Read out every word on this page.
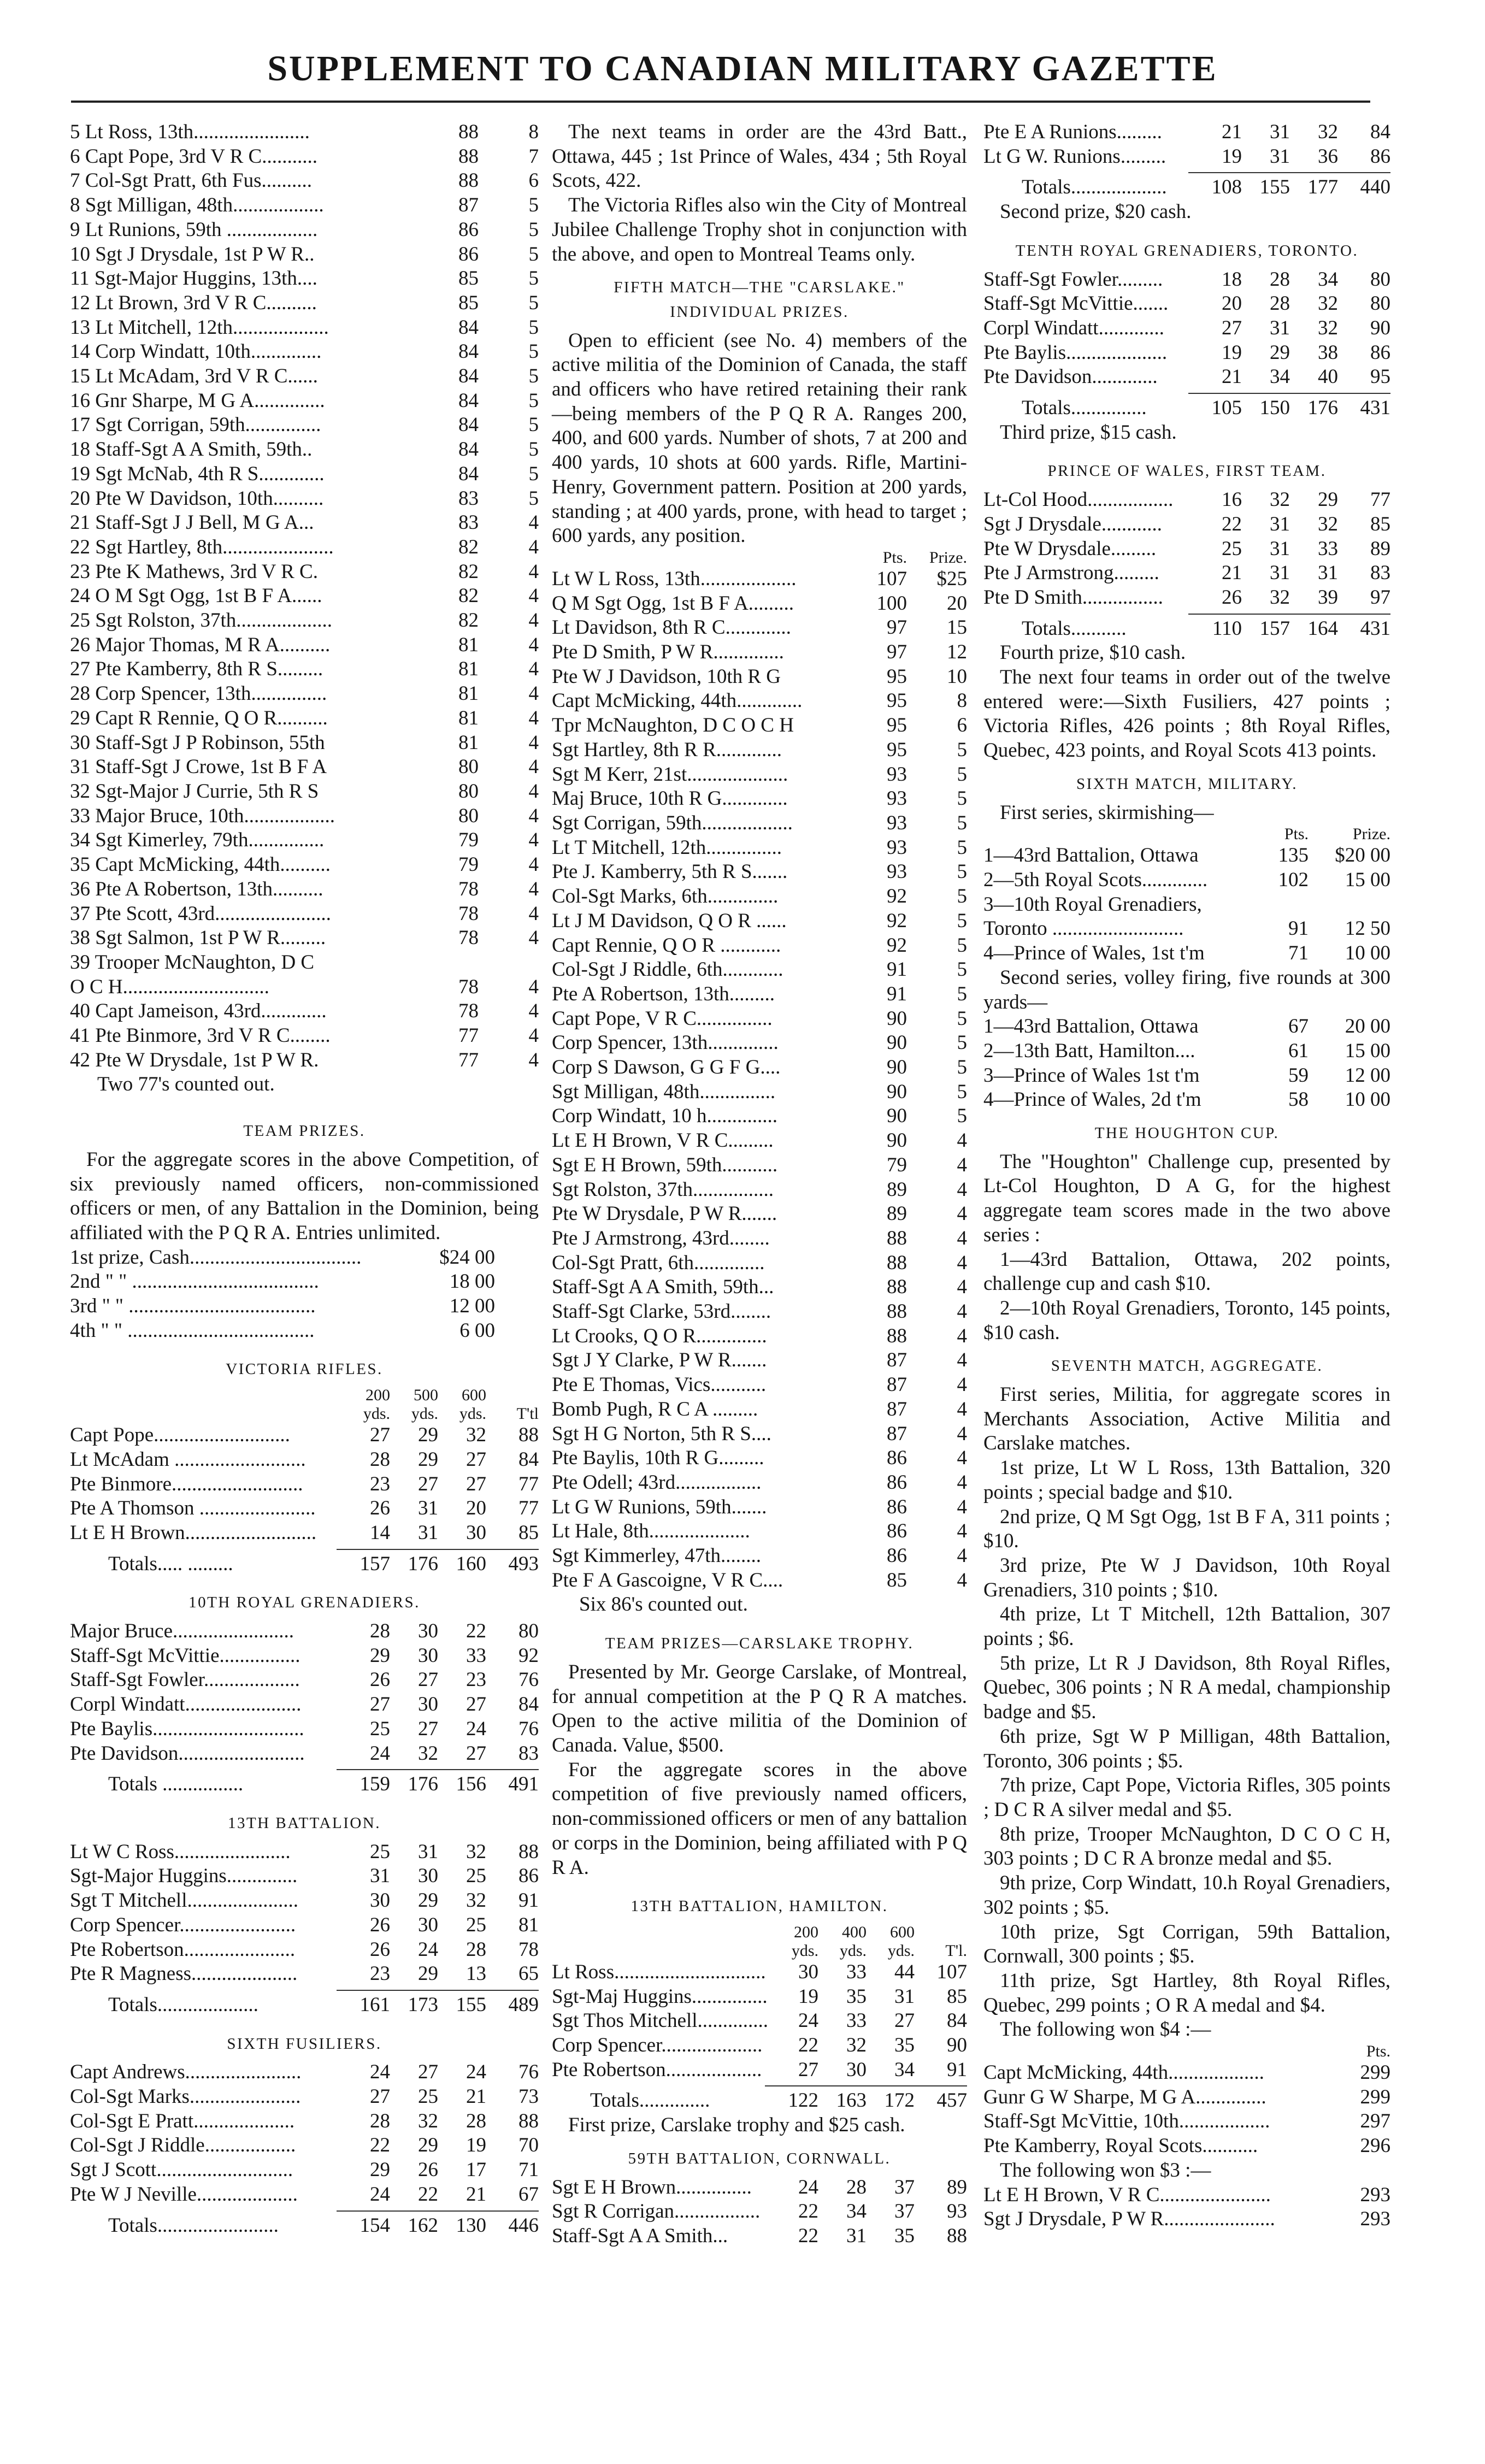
SUPPLEMENT TO CANADIAN MILITARY GAZETTE
5 Lt Ross, 13th.......................	88	8
6 Capt Pope, 3rd V R C...........	88	7
7 Col-Sgt Pratt, 6th Fus..........	88	6
8 Sgt Milligan, 48th..................	87	5
9 Lt Runions, 59th ..................	86	5
10 Sgt J Drysdale, 1st P W R..	86	5
11 Sgt-Major Huggins, 13th....	85	5
12 Lt Brown, 3rd V R C..........	85	5
13 Lt Mitchell, 12th...................	84	5
14 Corp Windatt, 10th..............	84	5
15 Lt McAdam, 3rd V R C......	84	5
16 Gnr Sharpe, M G A..............	84	5
17 Sgt Corrigan, 59th...............	84	5
18 Staff-Sgt A A Smith, 59th..	84	5
19 Sgt McNab, 4th R S.............	84	5
20 Pte W Davidson, 10th..........	83	5
21 Staff-Sgt J J Bell, M G A...	83	4
22 Sgt Hartley, 8th......................	82	4
23 Pte K Mathews, 3rd V R C.	82	4
24 O M Sgt Ogg, 1st B F A......	82	4
25 Sgt Rolston, 37th...................	82	4
26 Major Thomas, M R A..........	81	4
27 Pte Kamberry, 8th R S.........	81	4
28 Corp Spencer, 13th...............	81	4
29 Capt R Rennie, Q O R..........	81	4
30 Staff-Sgt J P Robinson, 55th	81	4
31 Staff-Sgt J Crowe, 1st B F A	80	4
32 Sgt-Major J Currie, 5th R S	80	4
33 Major Bruce, 10th..................	80	4
34 Sgt Kimerley, 79th...............	79	4
35 Capt McMicking, 44th..........	79	4
36 Pte A Robertson, 13th..........	78	4
37 Pte Scott, 43rd.......................	78	4
38 Sgt Salmon, 1st P W R.........	78	4
39 Trooper McNaughton, D C
O C H.............................	78	4
40 Capt Jameison, 43rd.............	78	4
41 Pte Binmore, 3rd V R C........	77	4
42 Pte W Drysdale, 1st P W R.	77	4
Two 77's counted out.
TEAM PRIZES.
For the aggregate scores in the above Competition, of six previously named officers, non-commissioned officers or men, of any Battalion in the Dominion, being affiliated with the P Q R A. Entries unlimited.
1st prize, Cash..................................	$24 00
2nd " " .....................................	18 00
3rd " " .....................................	12 00
4th " " .....................................	6 00
VICTORIA RIFLES.
200	500	600
yds.	yds.	yds.	T'tl
Capt Pope...........................	27	29	32	88
Lt McAdam ..........................	28	29	27	84
Pte Binmore..........................	23	27	27	77
Pte A Thomson .......................	26	31	20	77
Lt E H Brown..........................	14	31	30	85
Totals..... .........	157 176 160	493
10TH ROYAL GRENADIERS.
Major Bruce........................	28	30	22	80
Staff-Sgt McVittie................	29	30	33	92
Staff-Sgt Fowler...................	26	27	23	76
Corpl Windatt.......................	27	30	27	84
Pte Baylis..............................	25	27	24	76
Pte Davidson.........................	24	32	27	83
Totals ................	159 176 156	491
13TH BATTALION.
Lt W C Ross.......................	25	31	32	88
Sgt-Major Huggins..............	31	30	25	86
Sgt T Mitchell......................	30	29	32	91
Corp Spencer.......................	26	30	25	81
Pte Robertson......................	26	24	28	78
Pte R Magness.....................	23	29	13	65
Totals....................	161 173 155	489
SIXTH FUSILIERS.
Capt Andrews.......................	24	27	24	76
Col-Sgt Marks......................	27	25	21	73
Col-Sgt E Pratt....................	28	32	28	88
Col-Sgt J Riddle..................	22	29	19	70
Sgt J Scott...........................	29	26	17	71
Pte W J Neville....................	24	22	21	67
Totals........................	154 162 130	446
The next teams in order are the 43rd Batt., Ottawa, 445 ; 1st Prince of Wales, 434 ; 5th Royal Scots, 422.
The Victoria Rifles also win the City of Montreal Jubilee Challenge Trophy shot in conjunction with the above, and open to Montreal Teams only.
FIFTH MATCH—THE "CARSLAKE."
INDIVIDUAL PRIZES.
Open to efficient (see No. 4) members of the active militia of the Dominion of Canada, the staff and officers who have retired retaining their rank—being members of the P Q R A. Ranges 200, 400, and 600 yards. Number of shots, 7 at 200 and 400 yards, 10 shots at 600 yards. Rifle, Martini-Henry, Government pattern. Position at 200 yards, standing ; at 400 yards, prone, with head to target ; 600 yards, any position.
Pts.	Prize.
Lt W L Ross, 13th...................	107	$25
Q M Sgt Ogg, 1st B F A.........	100	20
Lt Davidson, 8th R C.............	97	15
Pte D Smith, P W R..............	97	12
Pte W J Davidson, 10th R G	95	10
Capt McMicking, 44th.............	95	8
Tpr McNaughton, D C O C H	95	6
Sgt Hartley, 8th R R.............	95	5
Sgt M Kerr, 21st....................	93	5
Maj Bruce, 10th R G.............	93	5
Sgt Corrigan, 59th..................	93	5
Lt T Mitchell, 12th...............	93	5
Pte J. Kamberry, 5th R S.......	93	5
Col-Sgt Marks, 6th..............	92	5
Lt J M Davidson, Q O R ......	92	5
Capt Rennie, Q O R ............	92	5
Col-Sgt J Riddle, 6th............	91	5
Pte A Robertson, 13th.........	91	5
Capt Pope, V R C...............	90	5
Corp Spencer, 13th..............	90	5
Corp S Dawson, G G F G....	90	5
Sgt Milligan, 48th...............	90	5
Corp Windatt, 10 h..............	90	5
Lt E H Brown, V R C.........	90	4
Sgt E H Brown, 59th...........	79	4
Sgt Rolston, 37th................	89	4
Pte W Drysdale, P W R.......	89	4
Pte J Armstrong, 43rd........	88	4
Col-Sgt Pratt, 6th..............	88	4
Staff-Sgt A A Smith, 59th...	88	4
Staff-Sgt Clarke, 53rd........	88	4
Lt Crooks, Q O R..............	88	4
Sgt J Y Clarke, P W R.......	87	4
Pte E Thomas, Vics...........	87	4
Bomb Pugh, R C A .........	87	4
Sgt H G Norton, 5th R S....	87	4
Pte Baylis, 10th R G.........	86	4
Pte Odell; 43rd.................	86	4
Lt G W Runions, 59th.......	86	4
Lt Hale, 8th....................	86	4
Sgt Kimmerley, 47th........	86	4
Pte F A Gascoigne, V R C....	85	4
Six 86's counted out.
TEAM PRIZES—CARSLAKE TROPHY.
Presented by Mr. George Carslake, of Montreal, for annual competition at the P Q R A matches. Open to the active militia of the Dominion of Canada. Value, $500.
For the aggregate scores in the above competition of five previously named officers, non-commissioned officers or men of any battalion or corps in the Dominion, being affiliated with P Q R A.
13TH BATTALION, HAMILTON.
200	400	600
yds.	yds.	yds.	T'l.
Lt Ross..............................	30	33	44	107
Sgt-Maj Huggins...............	19	35	31	85
Sgt Thos Mitchell..............	24	33	27	84
Corp Spencer....................	22	32	35	90
Pte Robertson...................	27	30	34	91
Totals..............	122 163 172	457
First prize, Carslake trophy and $25 cash.
59TH BATTALION, CORNWALL.
Sgt E H Brown...............	24	28	37	89
Sgt R Corrigan.................	22	34	37	93
Staff-Sgt A A Smith...	22	31	35	88
Pte E A Runions.........	21	31	32	84
Lt G W. Runions.........	19	31	36	86
Totals...................	108 155 177	440
Second prize, $20 cash.
TENTH ROYAL GRENADIERS, TORONTO.
Staff-Sgt Fowler.........	18	28	34	80
Staff-Sgt McVittie.......	20	28	32	80
Corpl Windatt.............	27	31	32	90
Pte Baylis....................	19	29	38	86
Pte Davidson.............	21	34	40	95
Totals...............	105 150 176	431
Third prize, $15 cash.
PRINCE OF WALES, FIRST TEAM.
Lt-Col Hood.................	16	32	29	77
Sgt J Drysdale............	22	31	32	85
Pte W Drysdale.........	25	31	33	89
Pte J Armstrong.........	21	31	31	83
Pte D Smith................	26	32	39	97
Totals...........	110 157 164	431
Fourth prize, $10 cash.
The next four teams in order out of the twelve entered were:—Sixth Fusiliers, 427 points ; Victoria Rifles, 426 points ; 8th Royal Rifles, Quebec, 423 points, and Royal Scots 413 points.
SIXTH MATCH, MILITARY.
First series, skirmishing—
Pts.	Prize.
1—43rd Battalion, Ottawa	135	$20 00
2—5th Royal Scots.............	102	15 00
3—10th Royal Grenadiers,
Toronto ..........................	91	12 50
4—Prince of Wales, 1st t'm	71	10 00
Second series, volley firing, five rounds at 300 yards—
1—43rd Battalion, Ottawa	67	20 00
2—13th Batt, Hamilton....	61	15 00
3—Prince of Wales 1st t'm	59	12 00
4—Prince of Wales, 2d t'm	58	10 00
THE HOUGHTON CUP.
The "Houghton" Challenge cup, presented by Lt-Col Houghton, D A G, for the highest aggregate team scores made in the two above series :
1—43rd Battalion, Ottawa, 202 points, challenge cup and cash $10.
2—10th Royal Grenadiers, Toronto, 145 points, $10 cash.
SEVENTH MATCH, AGGREGATE.
First series, Militia, for aggregate scores in Merchants Association, Active Militia and Carslake matches.
1st prize, Lt W L Ross, 13th Battalion, 320 points ; special badge and $10.
2nd prize, Q M Sgt Ogg, 1st B F A, 311 points ; $10.
3rd prize, Pte W J Davidson, 10th Royal Grenadiers, 310 points ; $10.
4th prize, Lt T Mitchell, 12th Battalion, 307 points ; $6.
5th prize, Lt R J Davidson, 8th Royal Rifles, Quebec, 306 points ; N R A medal, championship badge and $5.
6th prize, Sgt W P Milligan, 48th Battalion, Toronto, 306 points ; $5.
7th prize, Capt Pope, Victoria Rifles, 305 points ; D C R A silver medal and $5.
8th prize, Trooper McNaughton, D C O C H, 303 points ; D C R A bronze medal and $5.
9th prize, Corp Windatt, 10.h Royal Grenadiers, 302 points ; $5.
10th prize, Sgt Corrigan, 59th Battalion, Cornwall, 300 points ; $5.
11th prize, Sgt Hartley, 8th Royal Rifles, Quebec, 299 points ; O R A medal and $4.
The following won $4 :—
Pts.
Capt McMicking, 44th...................	299
Gunr G W Sharpe, M G A..............	299
Staff-Sgt McVittie, 10th..................	297
Pte Kamberry, Royal Scots...........	296
The following won $3 :—
Lt E H Brown, V R C......................	293
Sgt J Drysdale, P W R......................	293
